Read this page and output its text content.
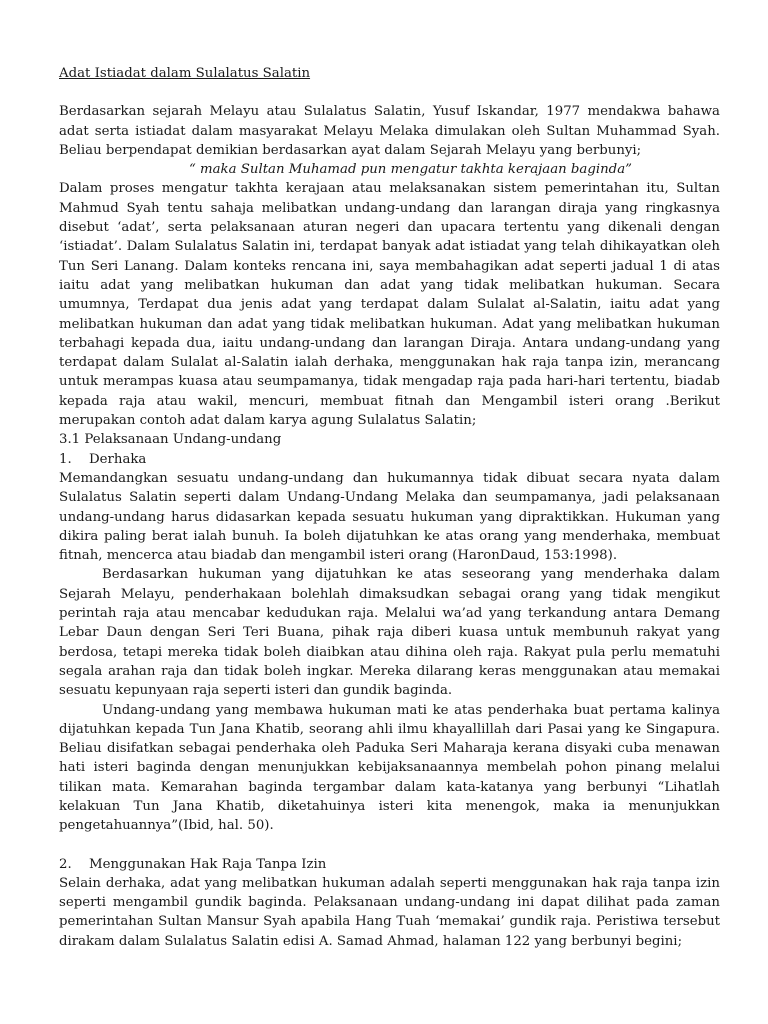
Adat Istiadat dalam Sulalatus Salatin

Berdasarkan sejarah Melayu atau Sulalatus Salatin, Yusuf Iskandar, 1977 mendakwa bahawa adat serta istiadat dalam masyarakat Melayu Melaka dimulakan oleh Sultan Muhammad Syah. Beliau berpendapat demikian berdasarkan ayat dalam Sejarah Melayu yang berbunyi;

“ maka Sultan Muhamad pun mengatur takhta kerajaan baginda”

Dalam proses mengatur takhta kerajaan atau melaksanakan sistem pemerintahan itu, Sultan Mahmud Syah tentu sahaja melibatkan undang-undang dan larangan diraja yang ringkasnya disebut ‘adat’, serta pelaksanaan aturan negeri dan upacara tertentu yang dikenali dengan ‘istiadat’. Dalam Sulalatus Salatin ini, terdapat banyak adat istiadat yang telah dihikayatkan oleh Tun Seri Lanang. Dalam konteks rencana ini, saya membahagikan adat seperti jadual 1 di atas iaitu adat yang melibatkan hukuman dan adat yang tidak melibatkan hukuman. Secara umumnya, Terdapat dua jenis adat yang terdapat dalam Sulalat al-Salatin, iaitu adat yang melibatkan hukuman dan adat yang tidak melibatkan hukuman. Adat yang melibatkan hukuman terbahagi kepada dua, iaitu undang-undang dan larangan Diraja. Antara undang-undang yang terdapat dalam Sulalat al-Salatin ialah derhaka, menggunakan hak raja tanpa izin, merancang untuk merampas kuasa atau seumpamanya, tidak mengadap raja pada hari-hari tertentu, biadab kepada raja atau wakil, mencuri, membuat fitnah dan Mengambil isteri orang .Berikut merupakan contoh adat dalam karya agung Sulalatus Salatin;

3.1 Pelaksanaan Undang-undang

1.	Derhaka

Memandangkan sesuatu undang-undang dan hukumannya tidak dibuat secara nyata dalam Sulalatus Salatin seperti dalam Undang-Undang Melaka dan seumpamanya, jadi pelaksanaan undang-undang harus didasarkan kepada sesuatu hukuman yang dipraktikkan. Hukuman yang dikira paling berat ialah bunuh. Ia boleh dijatuhkan ke atas orang yang menderhaka, membuat fitnah, mencerca atau biadab dan mengambil isteri orang (HaronDaud, 153:1998).

Berdasarkan hukuman yang dijatuhkan ke atas seseorang yang menderhaka dalam Sejarah Melayu, penderhakaan bolehlah dimaksudkan sebagai orang yang tidak mengikut perintah raja atau mencabar kedudukan raja. Melalui wa’ad yang terkandung antara Demang Lebar Daun dengan Seri Teri Buana, pihak raja diberi kuasa untuk membunuh rakyat yang berdosa, tetapi mereka tidak boleh diaibkan atau dihina oleh raja. Rakyat pula perlu mematuhi segala arahan raja dan tidak boleh ingkar. Mereka dilarang keras menggunakan atau memakai sesuatu kepunyaan raja seperti isteri dan gundik baginda.

Undang-undang yang membawa hukuman mati ke atas penderhaka buat pertama kalinya dijatuhkan kepada Tun Jana Khatib, seorang ahli ilmu khayallillah dari Pasai yang ke Singapura. Beliau disifatkan sebagai penderhaka oleh Paduka Seri Maharaja kerana disyaki cuba menawan hati isteri baginda dengan menunjukkan kebijaksanaannya membelah pohon pinang melalui tilikan mata. Kemarahan baginda tergambar dalam kata-katanya yang berbunyi “Lihatlah kelakuan Tun Jana Khatib, diketahuinya isteri kita menengok, maka ia menunjukkan pengetahuannya”(Ibid, hal. 50).

2.	Menggunakan Hak Raja Tanpa Izin

Selain derhaka, adat yang melibatkan hukuman adalah seperti menggunakan hak raja tanpa izin seperti mengambil gundik baginda. Pelaksanaan undang-undang ini dapat dilihat pada zaman pemerintahan Sultan Mansur Syah apabila Hang Tuah ‘memakai’ gundik raja. Peristiwa tersebut dirakam dalam Sulalatus Salatin edisi A. Samad Ahmad, halaman 122 yang berbunyi begini;
